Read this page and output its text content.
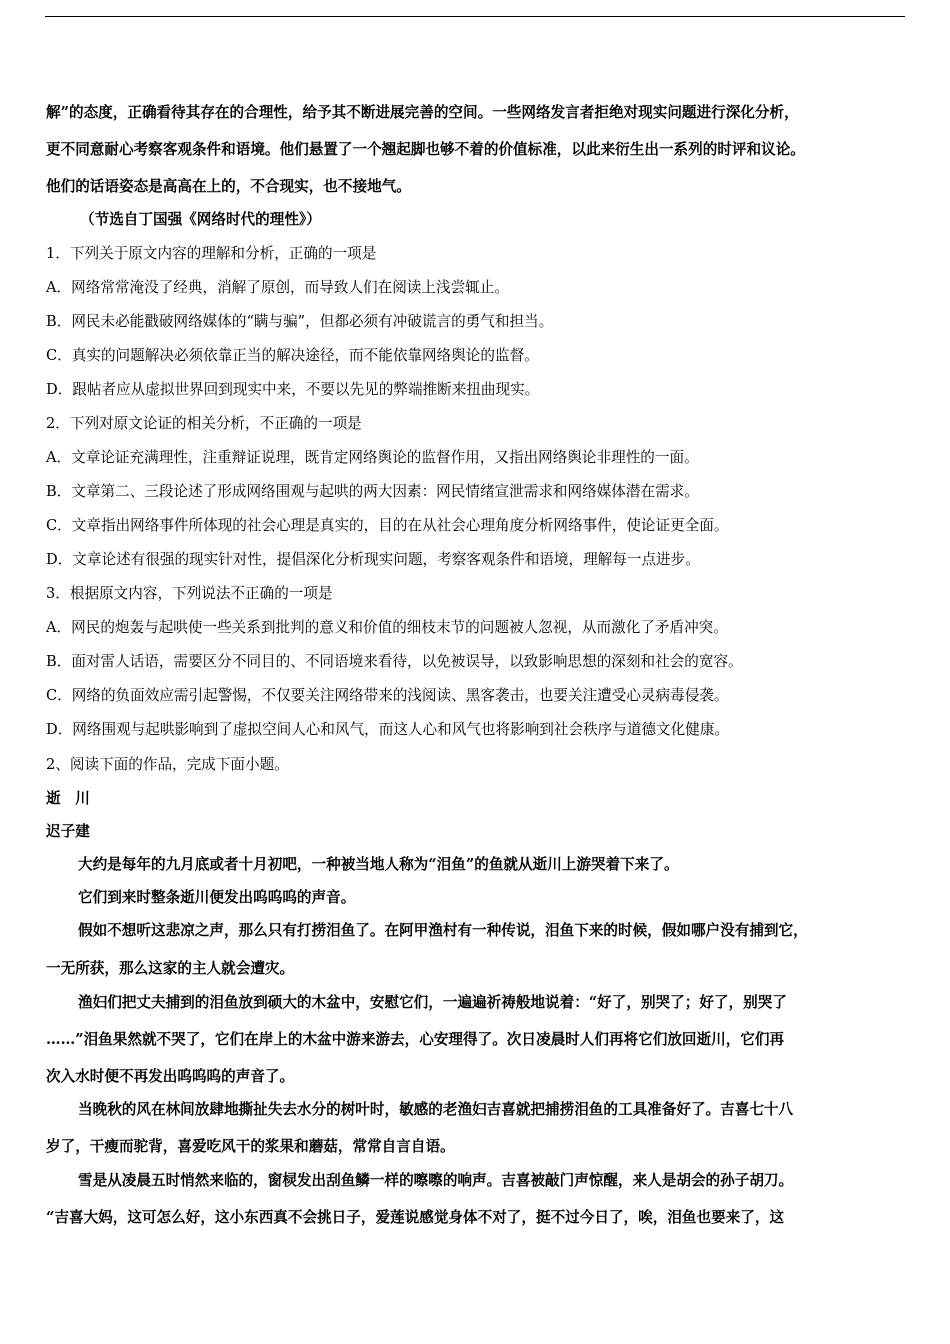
解”的态度，正确看待其存在的合理性，给予其不断进展完善的空间。一些网络发言者拒绝对现实问题进行深化分析，
更不同意耐心考察客观条件和语境。他们悬置了一个翘起脚也够不着的价值标准，以此来衍生出一系列的时评和议论。
他们的话语姿态是高高在上的，不合现实，也不接地气。
（节选自丁国强《网络时代的理性》）
1．下列关于原文内容的理解和分析，正确的一项是
A．网络常常淹没了经典，消解了原创，而导致人们在阅读上浅尝辄止。
B．网民未必能戳破网络媒体的“瞒与骗”，但都必须有冲破谎言的勇气和担当。
C．真实的问题解决必须依靠正当的解决途径，而不能依靠网络舆论的监督。
D．跟帖者应从虚拟世界回到现实中来，不要以先见的弊端推断来扭曲现实。
2．下列对原文论证的相关分析，不正确的一项是
A．文章论证充满理性，注重辩证说理，既肯定网络舆论的监督作用，又指出网络舆论非理性的一面。
B．文章第二、三段论述了形成网络围观与起哄的两大因素：网民情绪宣泄需求和网络媒体潜在需求。
C．文章指出网络事件所体现的社会心理是真实的，目的在从社会心理角度分析网络事件，使论证更全面。
D．文章论述有很强的现实针对性，提倡深化分析现实问题，考察客观条件和语境，理解每一点进步。
3．根据原文内容，下列说法不正确的一项是
A．网民的炮轰与起哄使一些关系到批判的意义和价值的细枝末节的问题被人忽视，从而激化了矛盾冲突。
B．面对雷人话语，需要区分不同目的、不同语境来看待，以免被误导，以致影响思想的深刻和社会的宽容。
C．网络的负面效应需引起警惕，不仅要关注网络带来的浅阅读、黑客袭击，也要关注遭受心灵病毒侵袭。
D．网络围观与起哄影响到了虚拟空间人心和风气，而这人心和风气也将影响到社会秩序与道德文化健康。
2、阅读下面的作品，完成下面小题。
逝　川
迟子建
大约是每年的九月底或者十月初吧，一种被当地人称为“泪鱼”的鱼就从逝川上游哭着下来了。
它们到来时整条逝川便发出呜呜呜的声音。
假如不想听这悲凉之声，那么只有打捞泪鱼了。在阿甲渔村有一种传说，泪鱼下来的时候，假如哪户没有捕到它，
一无所获，那么这家的主人就会遭灾。
渔妇们把丈夫捕到的泪鱼放到硕大的木盆中，安慰它们，一遍遍祈祷般地说着：“好了，别哭了；好了，别哭了
……”泪鱼果然就不哭了，它们在岸上的木盆中游来游去，心安理得了。次日凌晨时人们再将它们放回逝川，它们再
次入水时便不再发出呜呜呜的声音了。
当晚秋的风在林间放肆地撕扯失去水分的树叶时，敏感的老渔妇吉喜就把捕捞泪鱼的工具准备好了。吉喜七十八
岁了，干瘦而驼背，喜爱吃风干的浆果和蘑菇，常常自言自语。
雪是从凌晨五时悄然来临的，窗棂发出刮鱼鳞一样的嚓嚓的响声。吉喜被敲门声惊醒，来人是胡会的孙子胡刀。
“吉喜大妈，这可怎么好，这小东西真不会挑日子，爱莲说感觉身体不对了，挺不过今日了，唉，泪鱼也要来了，这
